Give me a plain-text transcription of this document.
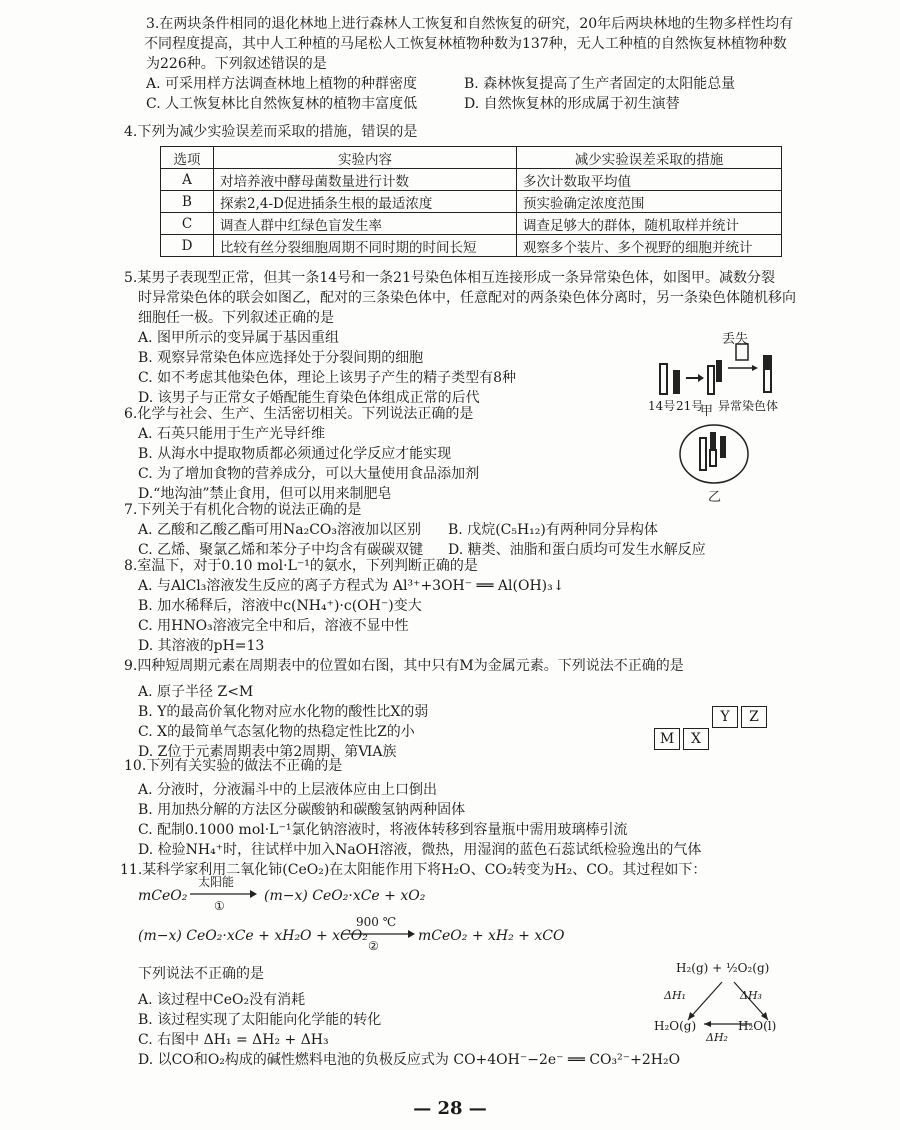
3.在两块条件相同的退化林地上进行森林人工恢复和自然恢复的研究，20年后两块林地的生物多样性均有

不同程度提高，其中人工种植的马尾松人工恢复林植物种数为137种，无人工种植的自然恢复林植物种数

为226种。下列叙述错误的是

A. 可采用样方法调查林地上植物的种群密度	B. 森林恢复提高了生产者固定的太阳能总量
C. 人工恢复林比自然恢复林的植物丰富度低	D. 自然恢复林的形成属于初生演替

4.下列为减少实验误差而采取的措施，错误的是

选项	实验内容	减少实验误差采取的措施
A	对培养液中酵母菌数量进行计数	多次计数取平均值
B	探索2,4-D促进插条生根的最适浓度	预实验确定浓度范围
C	调查人群中红绿色盲发生率	调查足够大的群体，随机取样并统计
D	比较有丝分裂细胞周期不同时期的时间长短	观察多个装片、多个视野的细胞并统计

5.某男子表现型正常，但其一条14号和一条21号染色体相互连接形成一条异常染色体，如图甲。减数分裂

时异常染色体的联会如图乙，配对的三条染色体中，任意配对的两条染色体分离时，另一条染色体随机移向

细胞任一极。下列叙述正确的是

A. 图甲所示的变异属于基因重组

B. 观察异常染色体应选择处于分裂间期的细胞

C. 如不考虑其他染色体，理论上该男子产生的精子类型有8种

D. 该男子与正常女子婚配能生育染色体组成正常的后代

丢失
14号 21号
甲 异常染色体
乙

6.化学与社会、生产、生活密切相关。下列说法正确的是

A. 石英只能用于生产光导纤维

B. 从海水中提取物质都必须通过化学反应才能实现

C. 为了增加食物的营养成分，可以大量使用食品添加剂

D.“地沟油”禁止食用，但可以用来制肥皂

7.下列关于有机化合物的说法正确的是

A. 乙酸和乙酸乙酯可用Na₂CO₃溶液加以区别	B. 戊烷(C₅H₁₂)有两种同分异构体
C. 乙烯、聚氯乙烯和苯分子中均含有碳碳双键	D. 糖类、油脂和蛋白质均可发生水解反应

8.室温下，对于0.10 mol·L⁻¹的氨水，下列判断正确的是

A. 与AlCl₃溶液发生反应的离子方程式为 Al³⁺+3OH⁻ ══ Al(OH)₃↓

B. 加水稀释后，溶液中c(NH₄⁺)·c(OH⁻)变大

C. 用HNO₃溶液完全中和后，溶液不显中性

D. 其溶液的pH=13

9.四种短周期元素在周期表中的位置如右图，其中只有M为金属元素。下列说法不正确的是

A. 原子半径 Z<M

B. Y的最高价氧化物对应水化物的酸性比X的弱

C. X的最简单气态氢化物的热稳定性比Z的小

D. Z位于元素周期表中第2周期、第ⅥA族

Y	Z
M	X

10.下列有关实验的做法不正确的是

A. 分液时，分液漏斗中的上层液体应由上口倒出

B. 用加热分解的方法区分碳酸钠和碳酸氢钠两种固体

C. 配制0.1000 mol·L⁻¹氯化钠溶液时，将液体转移到容量瓶中需用玻璃棒引流

D. 检验NH₄⁺时，往试样中加入NaOH溶液，微热，用湿润的蓝色石蕊试纸检验逸出的气体

11.某科学家利用二氧化铈(CeO₂)在太阳能作用下将H₂O、CO₂转变为H₂、CO。其过程如下：

mCeO₂
太阳能
①
(m−x) CeO₂·xCe + xO₂
(m−x) CeO₂·xCe + xH₂O + xCO₂
900 ℃
②
mCeO₂ + xH₂ + xCO

下列说法不正确的是

A. 该过程中CeO₂没有消耗

B. 该过程实现了太阳能向化学能的转化

C. 右图中 ΔH₁ = ΔH₂ + ΔH₃

D. 以CO和O₂构成的碱性燃料电池的负极反应式为 CO+4OH⁻−2e⁻ ══ CO₃²⁻+2H₂O
H₂(g) + ½O₂(g)
ΔH₁	ΔH₃
H₂O(g)	H₂O(l)
ΔH₂
— 28 —
